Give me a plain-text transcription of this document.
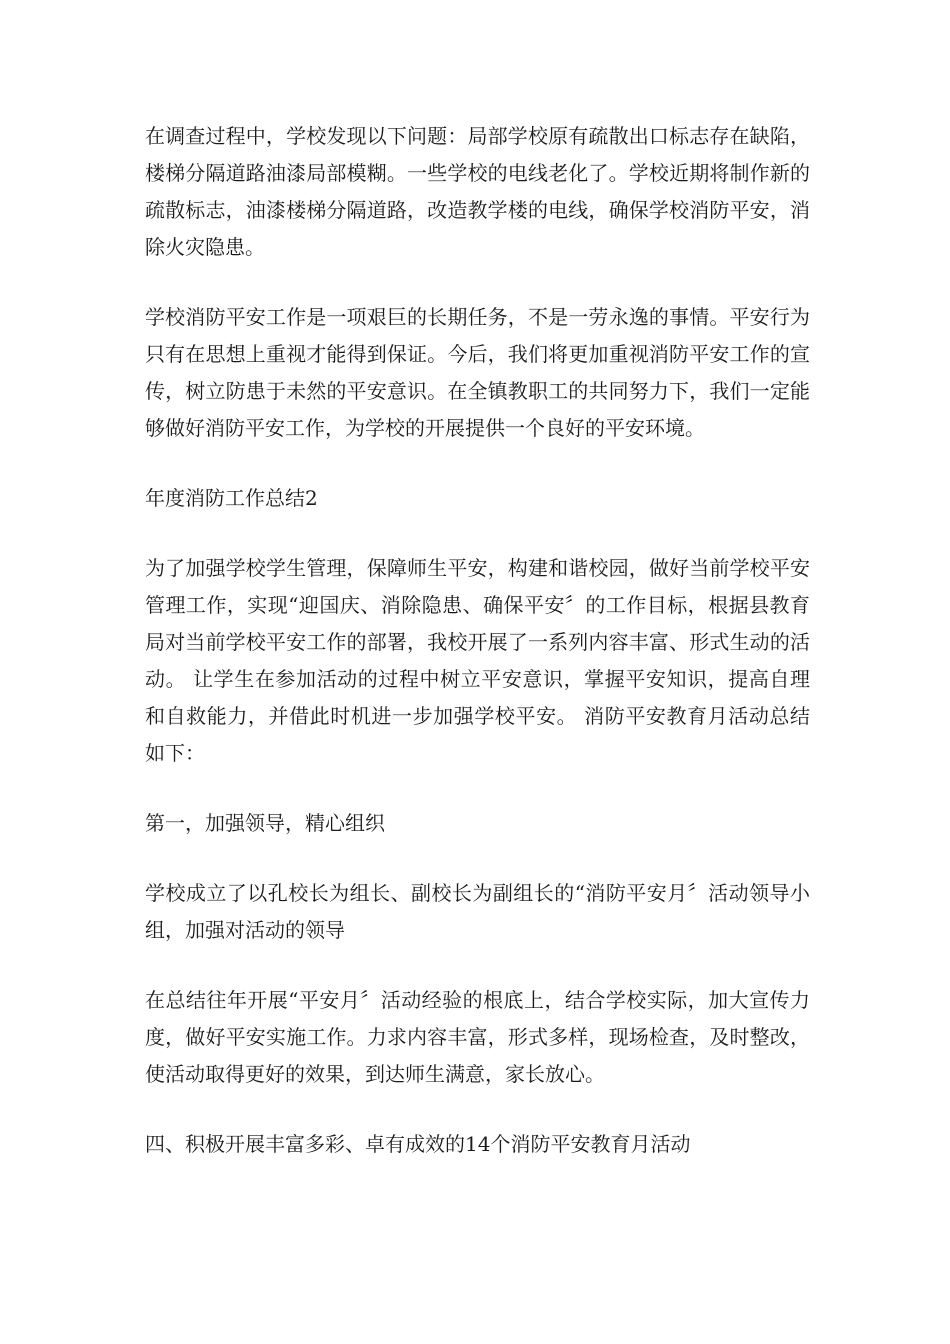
在调查过程中，学校发现以下问题：局部学校原有疏散出口标志存在缺陷，楼梯分隔道路油漆局部模糊。一些学校的电线老化了。学校近期将制作新的疏散标志，油漆楼梯分隔道路，改造教学楼的电线，确保学校消防平安，消除火灾隐患。

学校消防平安工作是一项艰巨的长期任务，不是一劳永逸的事情。平安行为只有在思想上重视才能得到保证。今后，我们将更加重视消防平安工作的宣传，树立防患于未然的平安意识。在全镇教职工的共同努力下，我们一定能够做好消防平安工作，为学校的开展提供一个良好的平安环境。

年度消防工作总结2

为了加强学校学生管理，保障师生平安，构建和谐校园，做好当前学校平安管理工作，实现“迎国庆、消除隐患、确保平安〞的工作目标，根据县教育局对当前学校平安工作的部署，我校开展了一系列内容丰富、形式生动的活动。 让学生在参加活动的过程中树立平安意识，掌握平安知识，提高自理和自救能力，并借此时机进一步加强学校平安。 消防平安教育月活动总结如下：

第一，加强领导，精心组织

学校成立了以孔校长为组长、副校长为副组长的“消防平安月〞活动领导小组，加强对活动的领导

在总结往年开展“平安月〞活动经验的根底上，结合学校实际，加大宣传力度，做好平安实施工作。力求内容丰富，形式多样，现场检查，及时整改，使活动取得更好的效果，到达师生满意，家长放心。

四、积极开展丰富多彩、卓有成效的14个消防平安教育月活动
